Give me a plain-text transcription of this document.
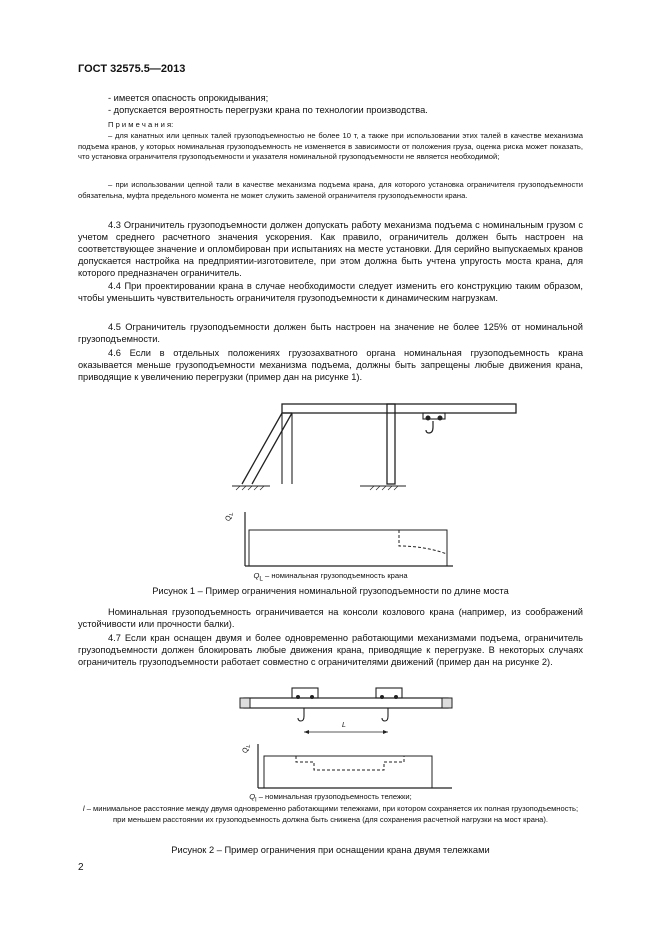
ГОСТ 32575.5—2013
- имеется опасность опрокидывания;
- допускается вероятность перегрузки крана по технологии производства.
П р и м е ч а н и я:
– для канатных или цепных талей грузоподъемностью не более 10 т, а также при использовании этих талей в качестве механизма подъема кранов, у которых номинальная грузоподъемность не изменяется в зависимости от положения груза, оценка риска может показать, что установка ограничителя грузоподъемности и указателя номинальной грузоподъемности не является необходимой;
– при использовании цепной тали в качестве механизма подъема крана, для которого установка ограничителя грузоподъемности обязательна, муфта предельного момента не может служить заменой ограничителя грузоподъемности крана.
4.3 Ограничитель грузоподъемности должен допускать работу механизма подъема с номинальным грузом с учетом среднего расчетного значения ускорения. Как правило, ограничитель должен быть настроен на соответствующее значение и опломбирован при испытаниях на месте установки. Для серийно выпускаемых кранов допускается настройка на предприятии-изготовителе, при этом должна быть учтена упругость моста крана, для которого предназначен ограничитель.
4.4 При проектировании крана в случае необходимости следует изменить его конструкцию таким образом, чтобы уменьшить чувствительность ограничителя грузоподъемности к динамическим нагрузкам.
4.5 Ограничитель грузоподъемности должен быть настроен на значение не более 125% от номинальной грузоподъемности.
4.6 Если в отдельных положениях грузозахватного органа номинальная грузоподъемность крана оказывается меньше грузоподъемности механизма подъема, должны быть запрещены любые движения крана, приводящие к увеличению перегрузки (пример дан на рисунке 1).
$Q_L$
$Q_L$ – номинальная грузоподъемность крана
Рисунок 1 – Пример ограничения номинальной грузоподъемности по длине моста
Номинальная грузоподъемность ограничивается на консоли козлового крана (например, из соображений устойчивости или прочности балки).
4.7 Если кран оснащен двумя и более одновременно работающими механизмами подъема, ограничитель грузоподъемности должен блокировать любые движения крана, приводящие к перегрузке. В некоторых случаях ограничитель грузоподъемности работает совместно с ограничителями движений (пример дан на рисунке 2).
L
$Q_L$
$Q_l$ – номинальная грузоподъемность тележки;
l – минимальное расстояние между двумя одновременно работающими тележками, при котором сохраняется их полная грузоподъемность; при меньшем расстоянии их грузоподъемность должна быть снижена (для сохранения расчетной нагрузки на мост крана).
Рисунок 2 – Пример ограничения при оснащении крана двумя тележками
2
